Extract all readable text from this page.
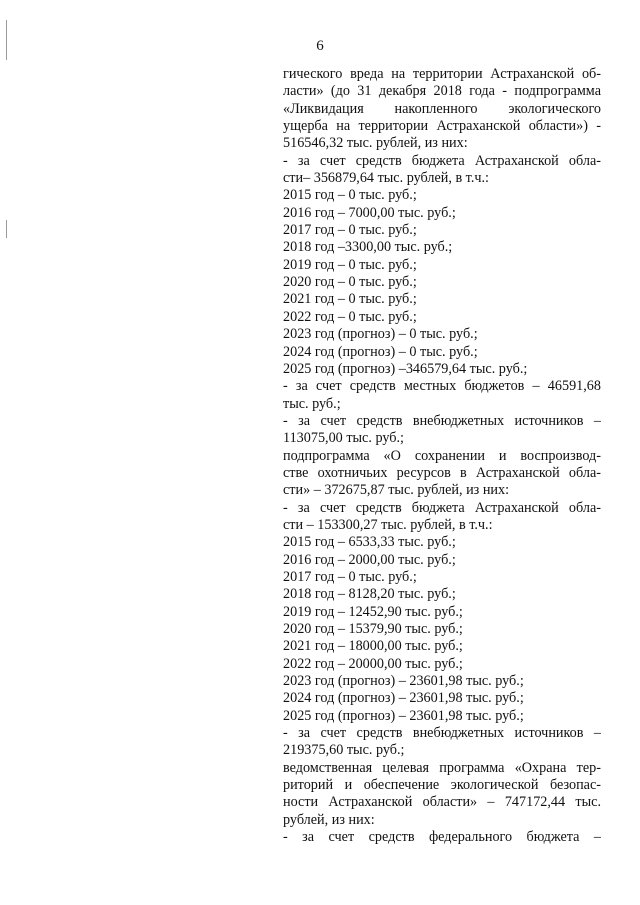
6
гического вреда на территории Астраханской об-
ласти» (до 31 декабря 2018 года - подпрограмма
«Ликвидация накопленного экологического
ущерба на территории Астраханской области») -
516546,32 тыс. рублей, из них:
- за счет средств бюджета Астраханской обла-
сти– 356879,64 тыс. рублей, в т.ч.:
2015 год – 0 тыс. руб.;
2016 год – 7000,00 тыс. руб.;
2017 год – 0 тыс. руб.;
2018 год –3300,00 тыс. руб.;
2019 год – 0 тыс. руб.;
2020 год – 0 тыс. руб.;
2021 год – 0 тыс. руб.;
2022 год – 0 тыс. руб.;
2023 год (прогноз) – 0 тыс. руб.;
2024 год (прогноз) – 0 тыс. руб.;
2025 год (прогноз) –346579,64 тыс. руб.;
- за счет средств местных бюджетов – 46591,68
тыс. руб.;
- за счет средств внебюджетных источников –
113075,00 тыс. руб.;
подпрограмма «О сохранении и воспроизвод-
стве охотничьих ресурсов в Астраханской обла-
сти» – 372675,87 тыс. рублей, из них:
- за счет средств бюджета Астраханской обла-
сти – 153300,27 тыс. рублей, в т.ч.:
2015 год – 6533,33 тыс. руб.;
2016 год – 2000,00 тыс. руб.;
2017 год – 0 тыс. руб.;
2018 год – 8128,20 тыс. руб.;
2019 год – 12452,90 тыс. руб.;
2020 год – 15379,90 тыс. руб.;
2021 год – 18000,00 тыс. руб.;
2022 год – 20000,00 тыс. руб.;
2023 год (прогноз) – 23601,98 тыс. руб.;
2024 год (прогноз) – 23601,98 тыс. руб.;
2025 год (прогноз) – 23601,98 тыс. руб.;
- за счет средств внебюджетных источников –
219375,60 тыс. руб.;
ведомственная целевая программа «Охрана тер-
риторий и обеспечение экологической безопас-
ности Астраханской области» – 747172,44 тыс.
рублей, из них:
- за счет средств федерального бюджета –
